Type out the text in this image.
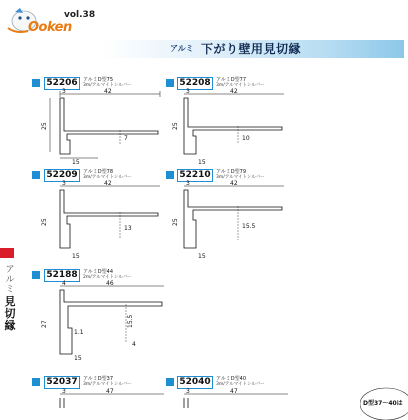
vol.38
Ooken
アルミ 下がり壁用見切縁
アルミ
見切縁
52206	アルミD型75
3m/アルマイトシルバー
3	42
25
7
15
52208	アルミD型77
3m/アルマイトシルバー
3	42
25
10
15
52209	アルミD型78
3m/アルマイトシルバー
3	42
25
13
15
52210	アルミD型79
3m/アルマイトシルバー
3	42
25
15.5
15
52188	アルミD型44
2m/アルマイトシルバー
4	46
27	15.5
1.1
4
15
52037	アルミD型37
3m/アルマイトシルバー
3	47
52040	アルミD型40
3m/アルマイトシルバー
3	47
D型37～40は
